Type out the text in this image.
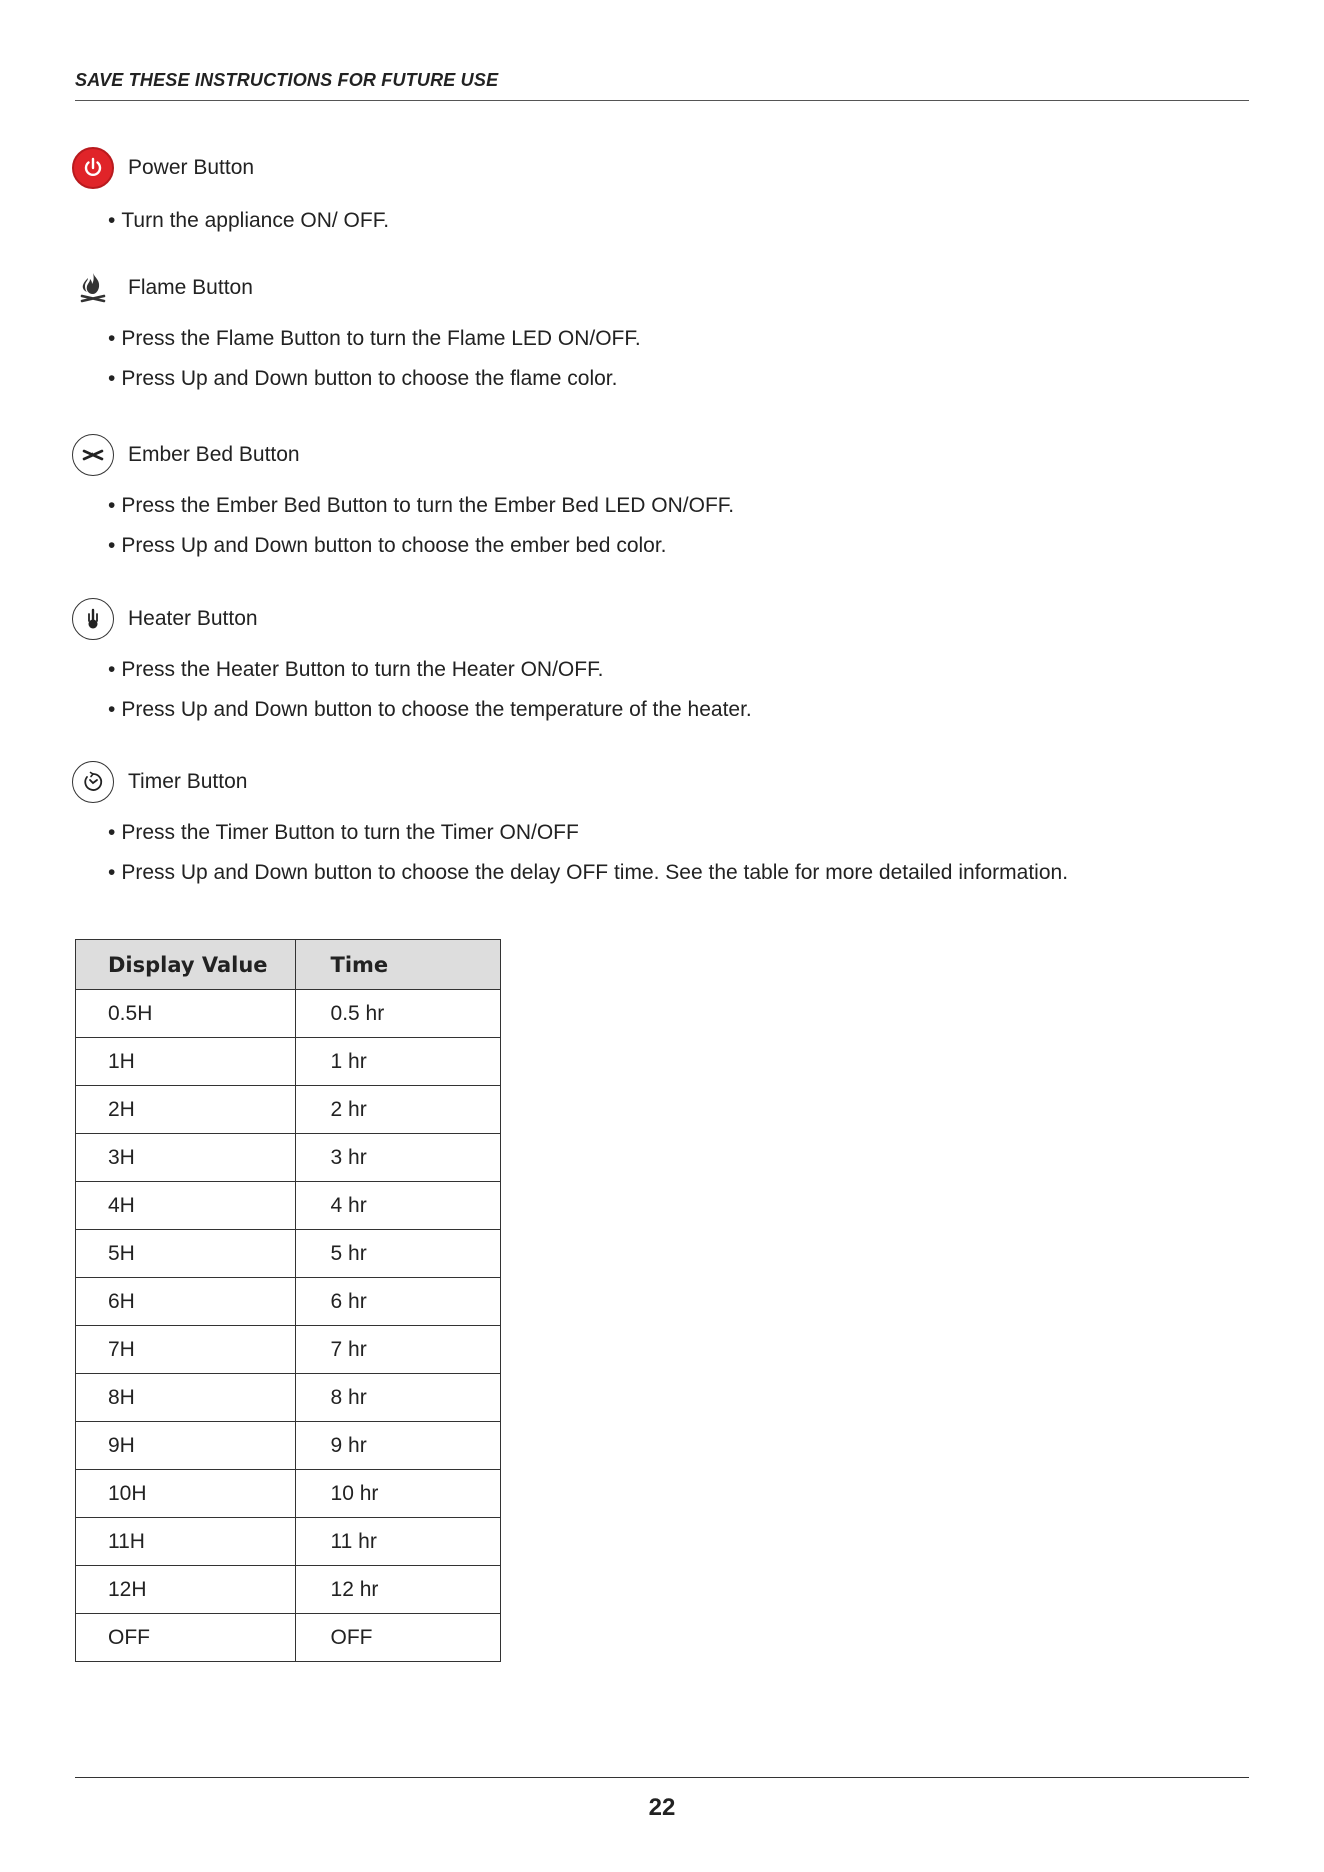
SAVE THESE INSTRUCTIONS FOR FUTURE USE
Power Button
• Turn the appliance ON/ OFF.
Flame Button
• Press the Flame Button to turn the Flame LED ON/OFF.
• Press Up and Down button to choose the flame color.
Ember Bed Button
• Press the Ember Bed Button to turn the Ember Bed LED ON/OFF.
• Press Up and Down button to choose the ember bed color.
Heater Button
• Press the Heater Button to turn the Heater ON/OFF.
• Press Up and Down button to choose the temperature of the heater.
Timer Button
• Press the Timer Button to turn the Timer ON/OFF
• Press Up and Down button to choose the delay OFF time. See the table for more detailed information.
Display Value	Time
0.5H	0.5 hr
1H	1 hr
2H	2 hr
3H	3 hr
4H	4 hr
5H	5 hr
6H	6 hr
7H	7 hr
8H	8 hr
9H	9 hr
10H	10 hr
11H	11 hr
12H	12 hr
OFF	OFF
22
